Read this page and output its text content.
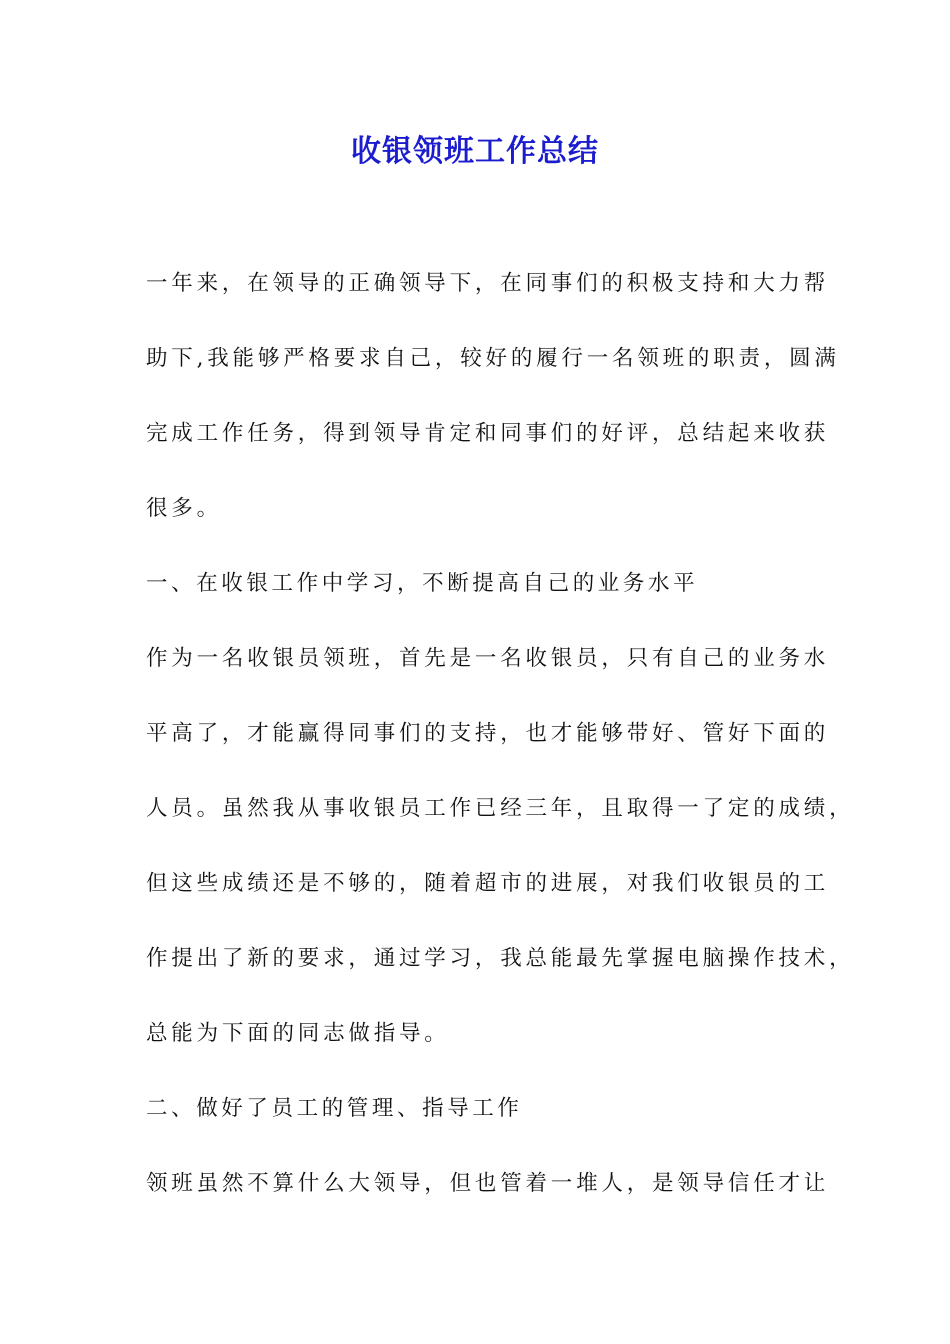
收银领班工作总结
一年来，在领导的正确领导下，在同事们的积极支持和大力帮
助下,我能够严格要求自己，较好的履行一名领班的职责，圆满
完成工作任务，得到领导肯定和同事们的好评，总结起来收获
很多。
一、在收银工作中学习，不断提高自己的业务水平
作为一名收银员领班，首先是一名收银员，只有自己的业务水
平高了，才能赢得同事们的支持，也才能够带好、管好下面的
人员。虽然我从事收银员工作已经三年，且取得一了定的成绩，
但这些成绩还是不够的，随着超市的进展，对我们收银员的工
作提出了新的要求，通过学习，我总能最先掌握电脑操作技术，
总能为下面的同志做指导。
二、做好了员工的管理、指导工作
领班虽然不算什么大领导，但也管着一堆人，是领导信任才让
